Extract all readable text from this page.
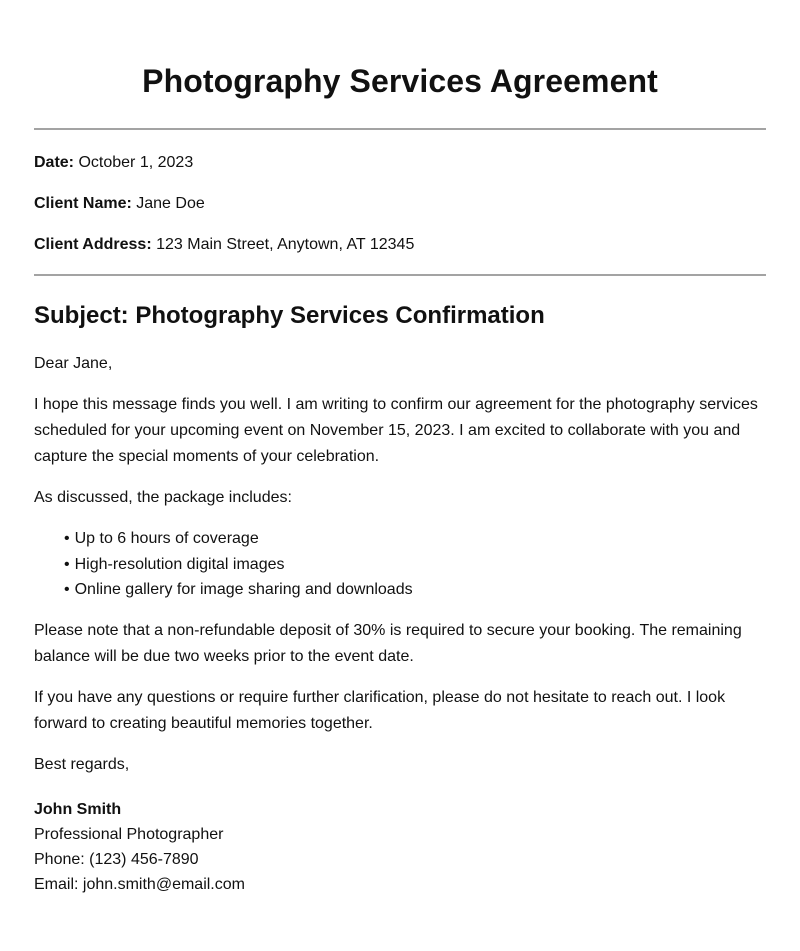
Photography Services Agreement

Date: October 1, 2023

Client Name: Jane Doe

Client Address: 123 Main Street, Anytown, AT 12345

Subject: Photography Services Confirmation

Dear Jane,

I hope this message finds you well. I am writing to confirm our agreement for the photography services scheduled for your upcoming event on November 15, 2023. I am excited to collaborate with you and capture the special moments of your celebration.

As discussed, the package includes:

• Up to 6 hours of coverage
• High-resolution digital images
• Online gallery for image sharing and downloads

Please note that a non-refundable deposit of 30% is required to secure your booking. The remaining balance will be due two weeks prior to the event date.

If you have any questions or require further clarification, please do not hesitate to reach out. I look forward to creating beautiful memories together.

Best regards,

John Smith
Professional Photographer
Phone: (123) 456-7890
Email: john.smith@email.com
